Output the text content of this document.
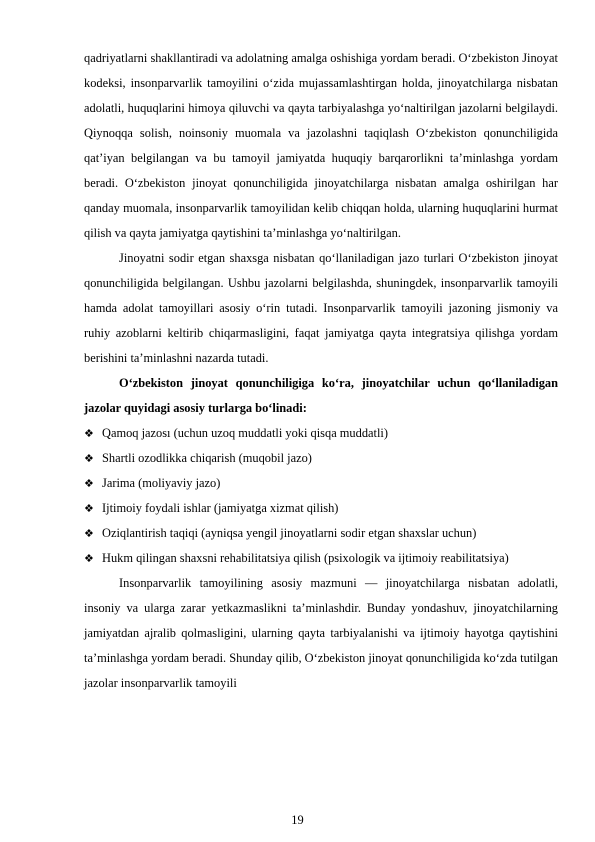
qadriyatlarni shakllantiradi va adolatning amalga oshishiga yordam beradi. O‘zbekiston Jinoyat kodeksi, insonparvarlik tamoyilini o‘zida mujassamlashtirgan holda, jinoyatchilarga nisbatan adolatli, huquqlarini himoya qiluvchi va qayta tarbiyalashga yo‘naltirilgan jazolarni belgilaydi. Qiynoqqa solish, noinsoniy muomala va jazolashni taqiqlash O‘zbekiston qonunchiligida qat’iyan belgilangan va bu tamoyil jamiyatda huquqiy barqarorlikni ta’minlashga yordam beradi. O‘zbekiston jinoyat qonunchiligida jinoyatchilarga nisbatan amalga oshirilgan har qanday muomala, insonparvarlik tamoyilidan kelib chiqqan holda, ularning huquqlarini hurmat qilish va qayta jamiyatga qaytishini ta’minlashga yo‘naltirilgan.

Jinoyatni sodir etgan shaxsga nisbatan qo‘llaniladigan jazo turlari O‘zbekiston jinoyat qonunchiligida belgilangan. Ushbu jazolarni belgilashda, shuningdek, insonparvarlik tamoyili hamda adolat tamoyillari asosiy o‘rin tutadi. Insonparvarlik tamoyili jazoning jismoniy va ruhiy azoblarni keltirib chiqarmasligini, faqat jamiyatga qayta integratsiya qilishga yordam berishini ta’minlashni nazarda tutadi.

O‘zbekiston jinoyat qonunchiligiga ko‘ra, jinoyatchilar uchun qo‘llaniladigan jazolar quyidagi asosiy turlarga bo‘linadi:

❖ Qamoq jazosı (uchun uzoq muddatli yoki qisqa muddatli)
❖ Shartli ozodlikka chiqarish (muqobil jazo)
❖ Jarima (moliyaviy jazo)
❖ Ijtimoiy foydali ishlar (jamiyatga xizmat qilish)
❖ Oziqlantirish taqiqi (ayniqsa yengil jinoyatlarni sodir etgan shaxslar uchun)
❖ Hukm qilingan shaxsni rehabilitatsiya qilish (psixologik va ijtimoiy reabilitatsiya)

Insonparvarlik tamoyilining asosiy mazmuni — jinoyatchilarga nisbatan adolatli, insoniy va ularga zarar yetkazmaslikni ta’minlashdir. Bunday yondashuv, jinoyatchilarning jamiyatdan ajralib qolmasligini, ularning qayta tarbiyalanishi va ijtimoiy hayotga qaytishini ta’minlashga yordam beradi. Shunday qilib, O‘zbekiston jinoyat qonunchiligida ko‘zda tutilgan jazolar insonparvarlik tamoyili

19
